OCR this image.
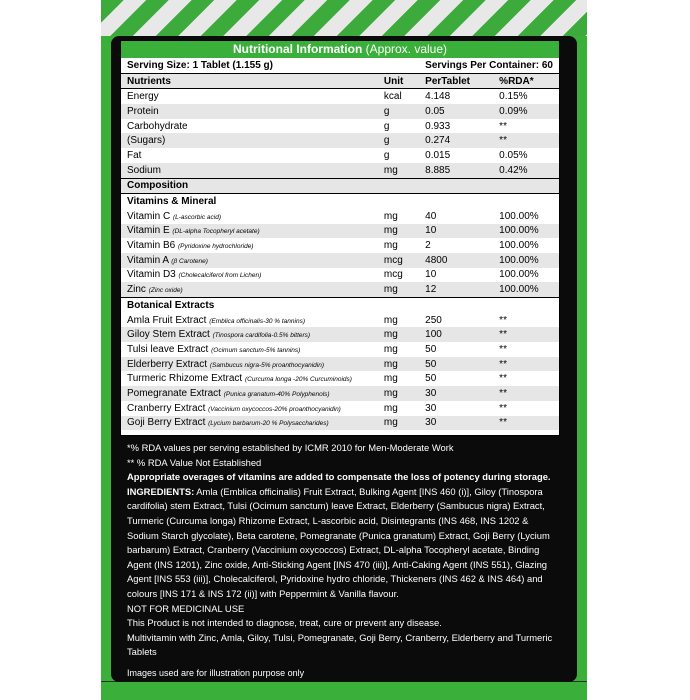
Nutritional Information (Approx. value)
Serving Size: 1 Tablet (1.155 g)		Servings Per Container: 60	
Nutrients	Unit	PerTablet	%RDA*
Energy	kcal	4.148	0.15%
Protein	g	0.05	0.09%
Carbohydrate	g	0.933	**
(Sugars)	g	0.274	**
Fat	g	0.015	0.05%
Sodium	mg	8.885	0.42%
Composition			
Vitamins & Mineral			
Vitamin C (L-ascorbic acid)	mg	40	100.00%
Vitamin E (DL-alpha Tocopheryl acetate)	mg	10	100.00%
Vitamin B6 (Pyridoxine hydrochloride)	mg	2	100.00%
Vitamin A (β Carotene)	mcg	4800	100.00%
Vitamin D3 (Cholecalciferol from Lichen)	mcg	10	100.00%
Zinc (Zinc oxide)	mg	12	100.00%
Botanical Extracts			
Amla Fruit Extract (Emblica officinalis-30 % tannins)	mg	250	**
Giloy Stem Extract (Tinospora cardifolia-0.5% bitters)	mg	100	**
Tulsi leave Extract (Ocimum sanctum-5% tannins)	mg	50	**
Elderberry Extract (Sambucus nigra-5% proanthocyanidin)	mg	50	**
Turmeric Rhizome Extract (Curcuma longa -20% Curcuminoids)	mg	50	**
Pomegranate Extract (Punica granatum-40% Polyphenols)	mg	30	**
Cranberry Extract (Vaccinium oxycoccos-20% proanthocyanidin)	mg	30	**
Goji Berry Extract (Lycium barbarum-20 % Polysaccharides)	mg	30	**

*% RDA values per serving established by ICMR 2010 for Men-Moderate Work

** % RDA Value Not Established

Appropriate overages of vitamins are added to compensate the loss of potency during storage.

INGREDIENTS: Amla (Emblica officinalis) Fruit Extract, Bulking Agent [INS 460 (i)], Giloy (Tinospora cardifolia) stem Extract, Tulsi (Ocimum sanctum) leave Extract, Elderberry (Sambucus nigra) Extract, Turmeric (Curcuma longa) Rhizome Extract, L-ascorbic acid, Disintegrants (INS 468, INS 1202 & Sodium Starch glycolate), Beta carotene, Pomegranate (Punica granatum) Extract, Goji Berry (Lycium barbarum) Extract, Cranberry (Vaccinium oxycoccos) Extract, DL-alpha Tocopheryl acetate, Binding Agent (INS 1201), Zinc oxide, Anti-Sticking Agent [INS 470 (iii)], Anti-Caking Agent (INS 551), Glazing Agent [INS 553 (iii)], Cholecalciferol, Pyridoxine hydro chloride, Thickeners (INS 462 & INS 464) and colours [INS 171 & INS 172 (ii)] with Peppermint & Vanilla flavour.

NOT FOR MEDICINAL USE

This Product is not intended to diagnose, treat, cure or prevent any disease.

Multivitamin with Zinc, Amla, Giloy, Tulsi, Pomegranate, Goji Berry, Cranberry, Elderberry and Turmeric Tablets

Images used are for illustration purpose only
